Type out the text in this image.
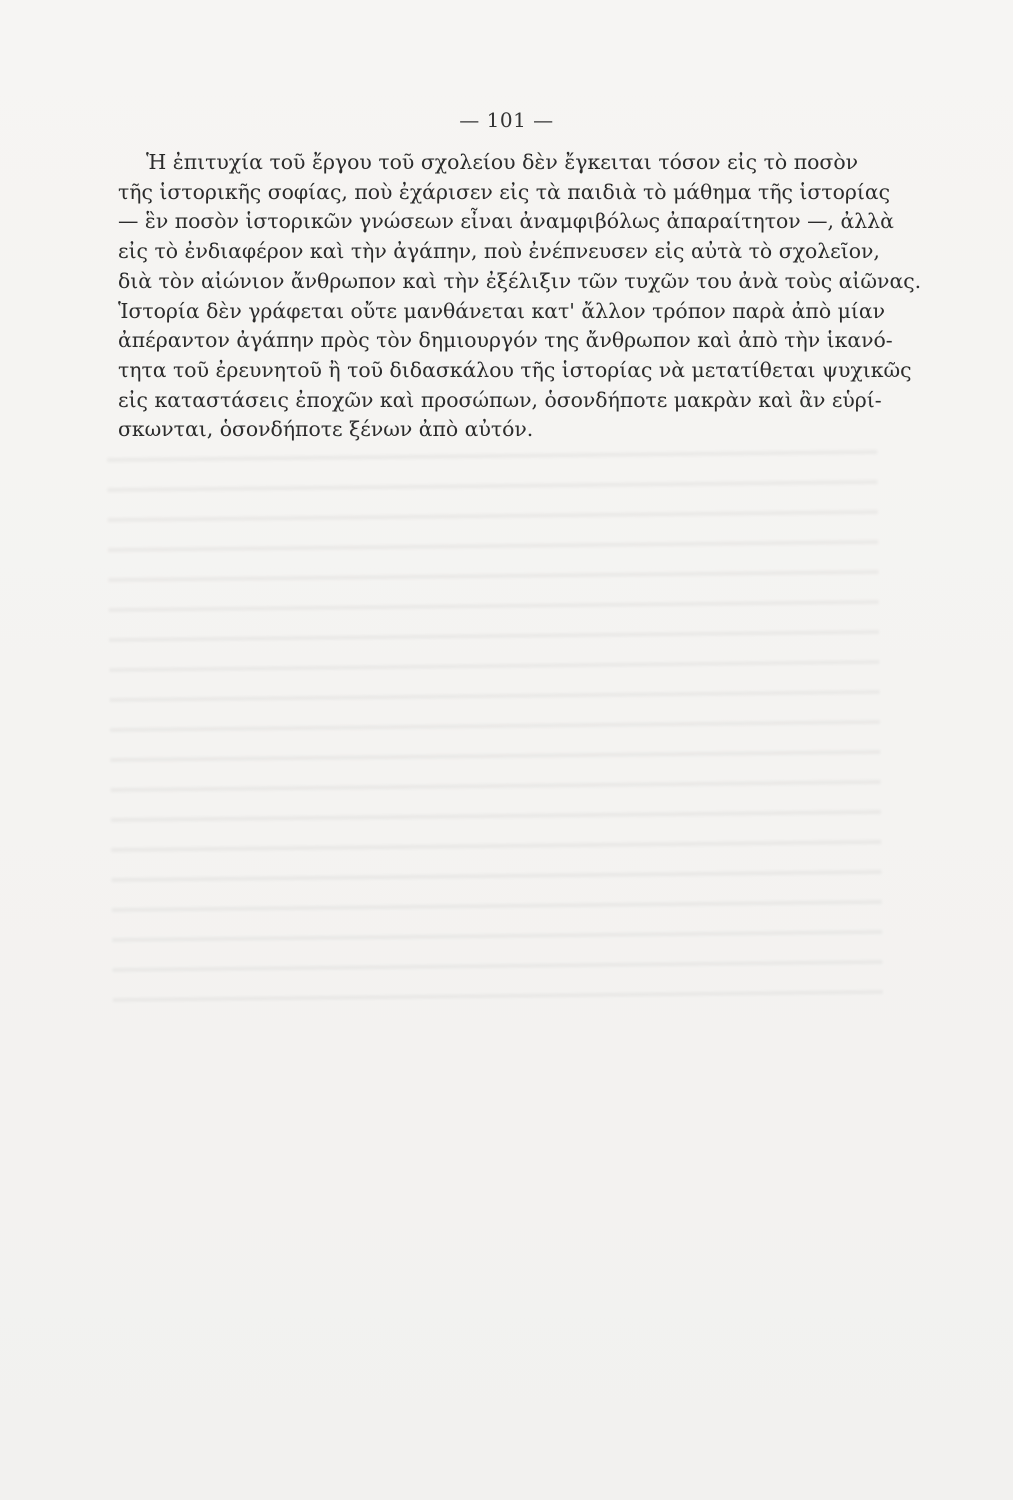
— 101 —

Ἡ ἐπιτυχία τοῦ ἔργου τοῦ σχολείου δὲν ἔγκειται τόσον εἰς τὸ ποσὸν
τῆς ἱστορικῆς σοφίας, ποὺ ἐχάρισεν εἰς τὰ παιδιὰ τὸ μάθημα τῆς ἱστορίας
— ἓν ποσὸν ἱστορικῶν γνώσεων εἶναι ἀναμφιβόλως ἀπαραίτητον —, ἀλλὰ
εἰς τὸ ἐνδιαφέρον καὶ τὴν ἀγάπην, ποὺ ἐνέπνευσεν εἰς αὐτὰ τὸ σχολεῖον,
διὰ τὸν αἰώνιον ἄνθρωπον καὶ τὴν ἐξέλιξιν τῶν τυχῶν του ἀνὰ τοὺς αἰῶνας.
Ἱστορία δὲν γράφεται οὔτε μανθάνεται κατ' ἄλλον τρόπον παρὰ ἀπὸ μίαν
ἀπέραντον ἀγάπην πρὸς τὸν δημιουργόν της ἄνθρωπον καὶ ἀπὸ τὴν ἱκανό-
τητα τοῦ ἐρευνητοῦ ἢ τοῦ διδασκάλου τῆς ἱστορίας νὰ μετατίθεται ψυχικῶς
εἰς καταστάσεις ἐποχῶν καὶ προσώπων, ὁσονδήποτε μακρὰν καὶ ἂν εὑρί-
σκωνται, ὁσονδήποτε ξένων ἀπὸ αὐτόν.
